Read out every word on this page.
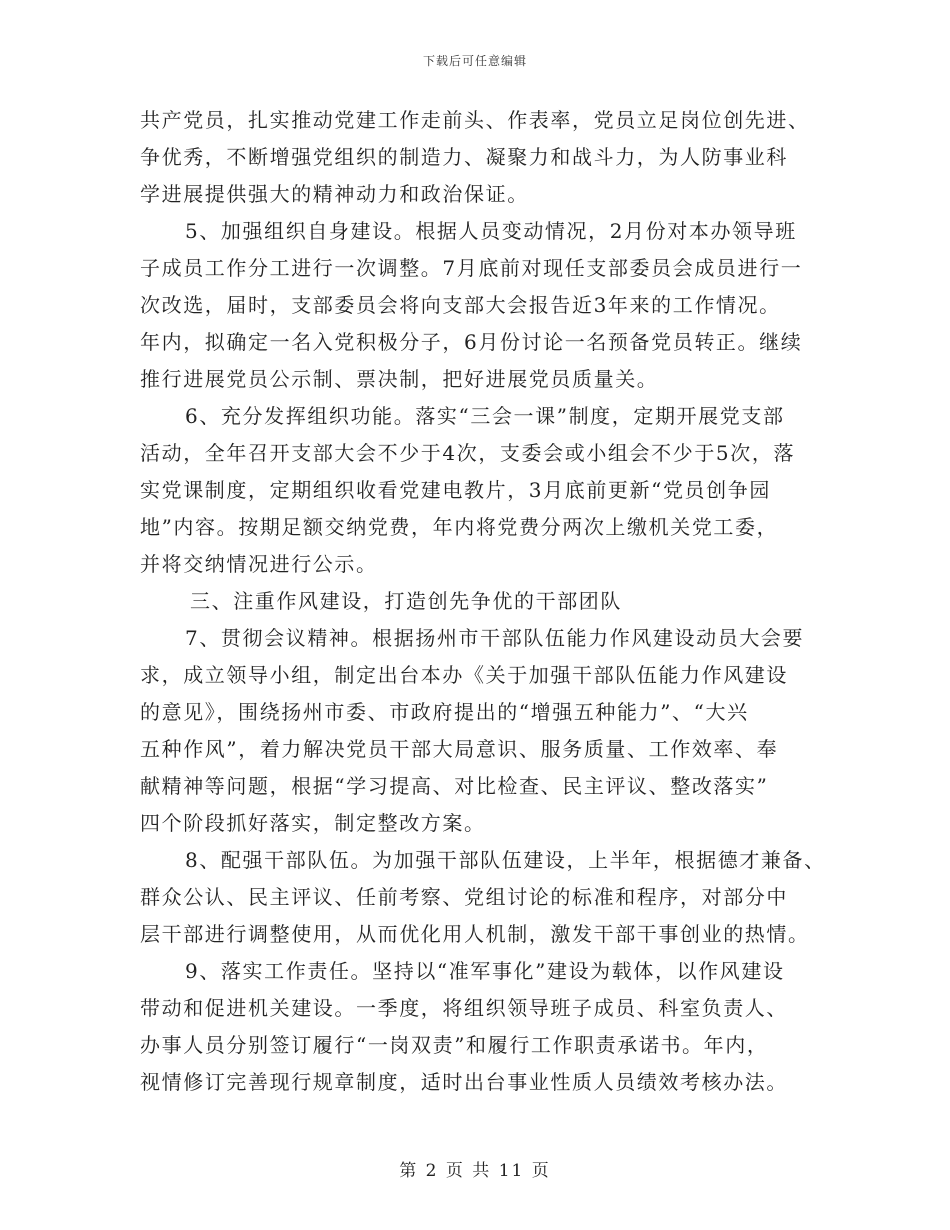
下载后可任意编辑
共产党员，扎实推动党建工作走前头、作表率，党员立足岗位创先进、
争优秀，不断增强党组织的制造力、凝聚力和战斗力，为人防事业科
学进展提供强大的精神动力和政治保证。
5、加强组织自身建设。根据人员变动情况，2月份对本办领导班
子成员工作分工进行一次调整。7月底前对现任支部委员会成员进行一
次改选，届时，支部委员会将向支部大会报告近3年来的工作情况。
年内，拟确定一名入党积极分子，6月份讨论一名预备党员转正。继续
推行进展党员公示制、票决制，把好进展党员质量关。
6、充分发挥组织功能。落实“三会一课”制度，定期开展党支部
活动，全年召开支部大会不少于4次，支委会或小组会不少于5次，落
实党课制度，定期组织收看党建电教片，3月底前更新“党员创争园
地”内容。按期足额交纳党费，年内将党费分两次上缴机关党工委，
并将交纳情况进行公示。
三、注重作风建设，打造创先争优的干部团队
7、贯彻会议精神。根据扬州市干部队伍能力作风建设动员大会要
求，成立领导小组，制定出台本办《关于加强干部队伍能力作风建设
的意见》，围绕扬州市委、市政府提出的“增强五种能力”、“大兴
五种作风”，着力解决党员干部大局意识、服务质量、工作效率、奉
献精神等问题，根据“学习提高、对比检查、民主评议、整改落实”
四个阶段抓好落实，制定整改方案。
8、配强干部队伍。为加强干部队伍建设，上半年，根据德才兼备、
群众公认、民主评议、任前考察、党组讨论的标准和程序，对部分中
层干部进行调整使用，从而优化用人机制，激发干部干事创业的热情。
9、落实工作责任。坚持以“准军事化”建设为载体，以作风建设
带动和促进机关建设。一季度，将组织领导班子成员、科室负责人、
办事人员分别签订履行“一岗双责”和履行工作职责承诺书。年内，
视情修订完善现行规章制度，适时出台事业性质人员绩效考核办法。
第 2 页 共 11 页
